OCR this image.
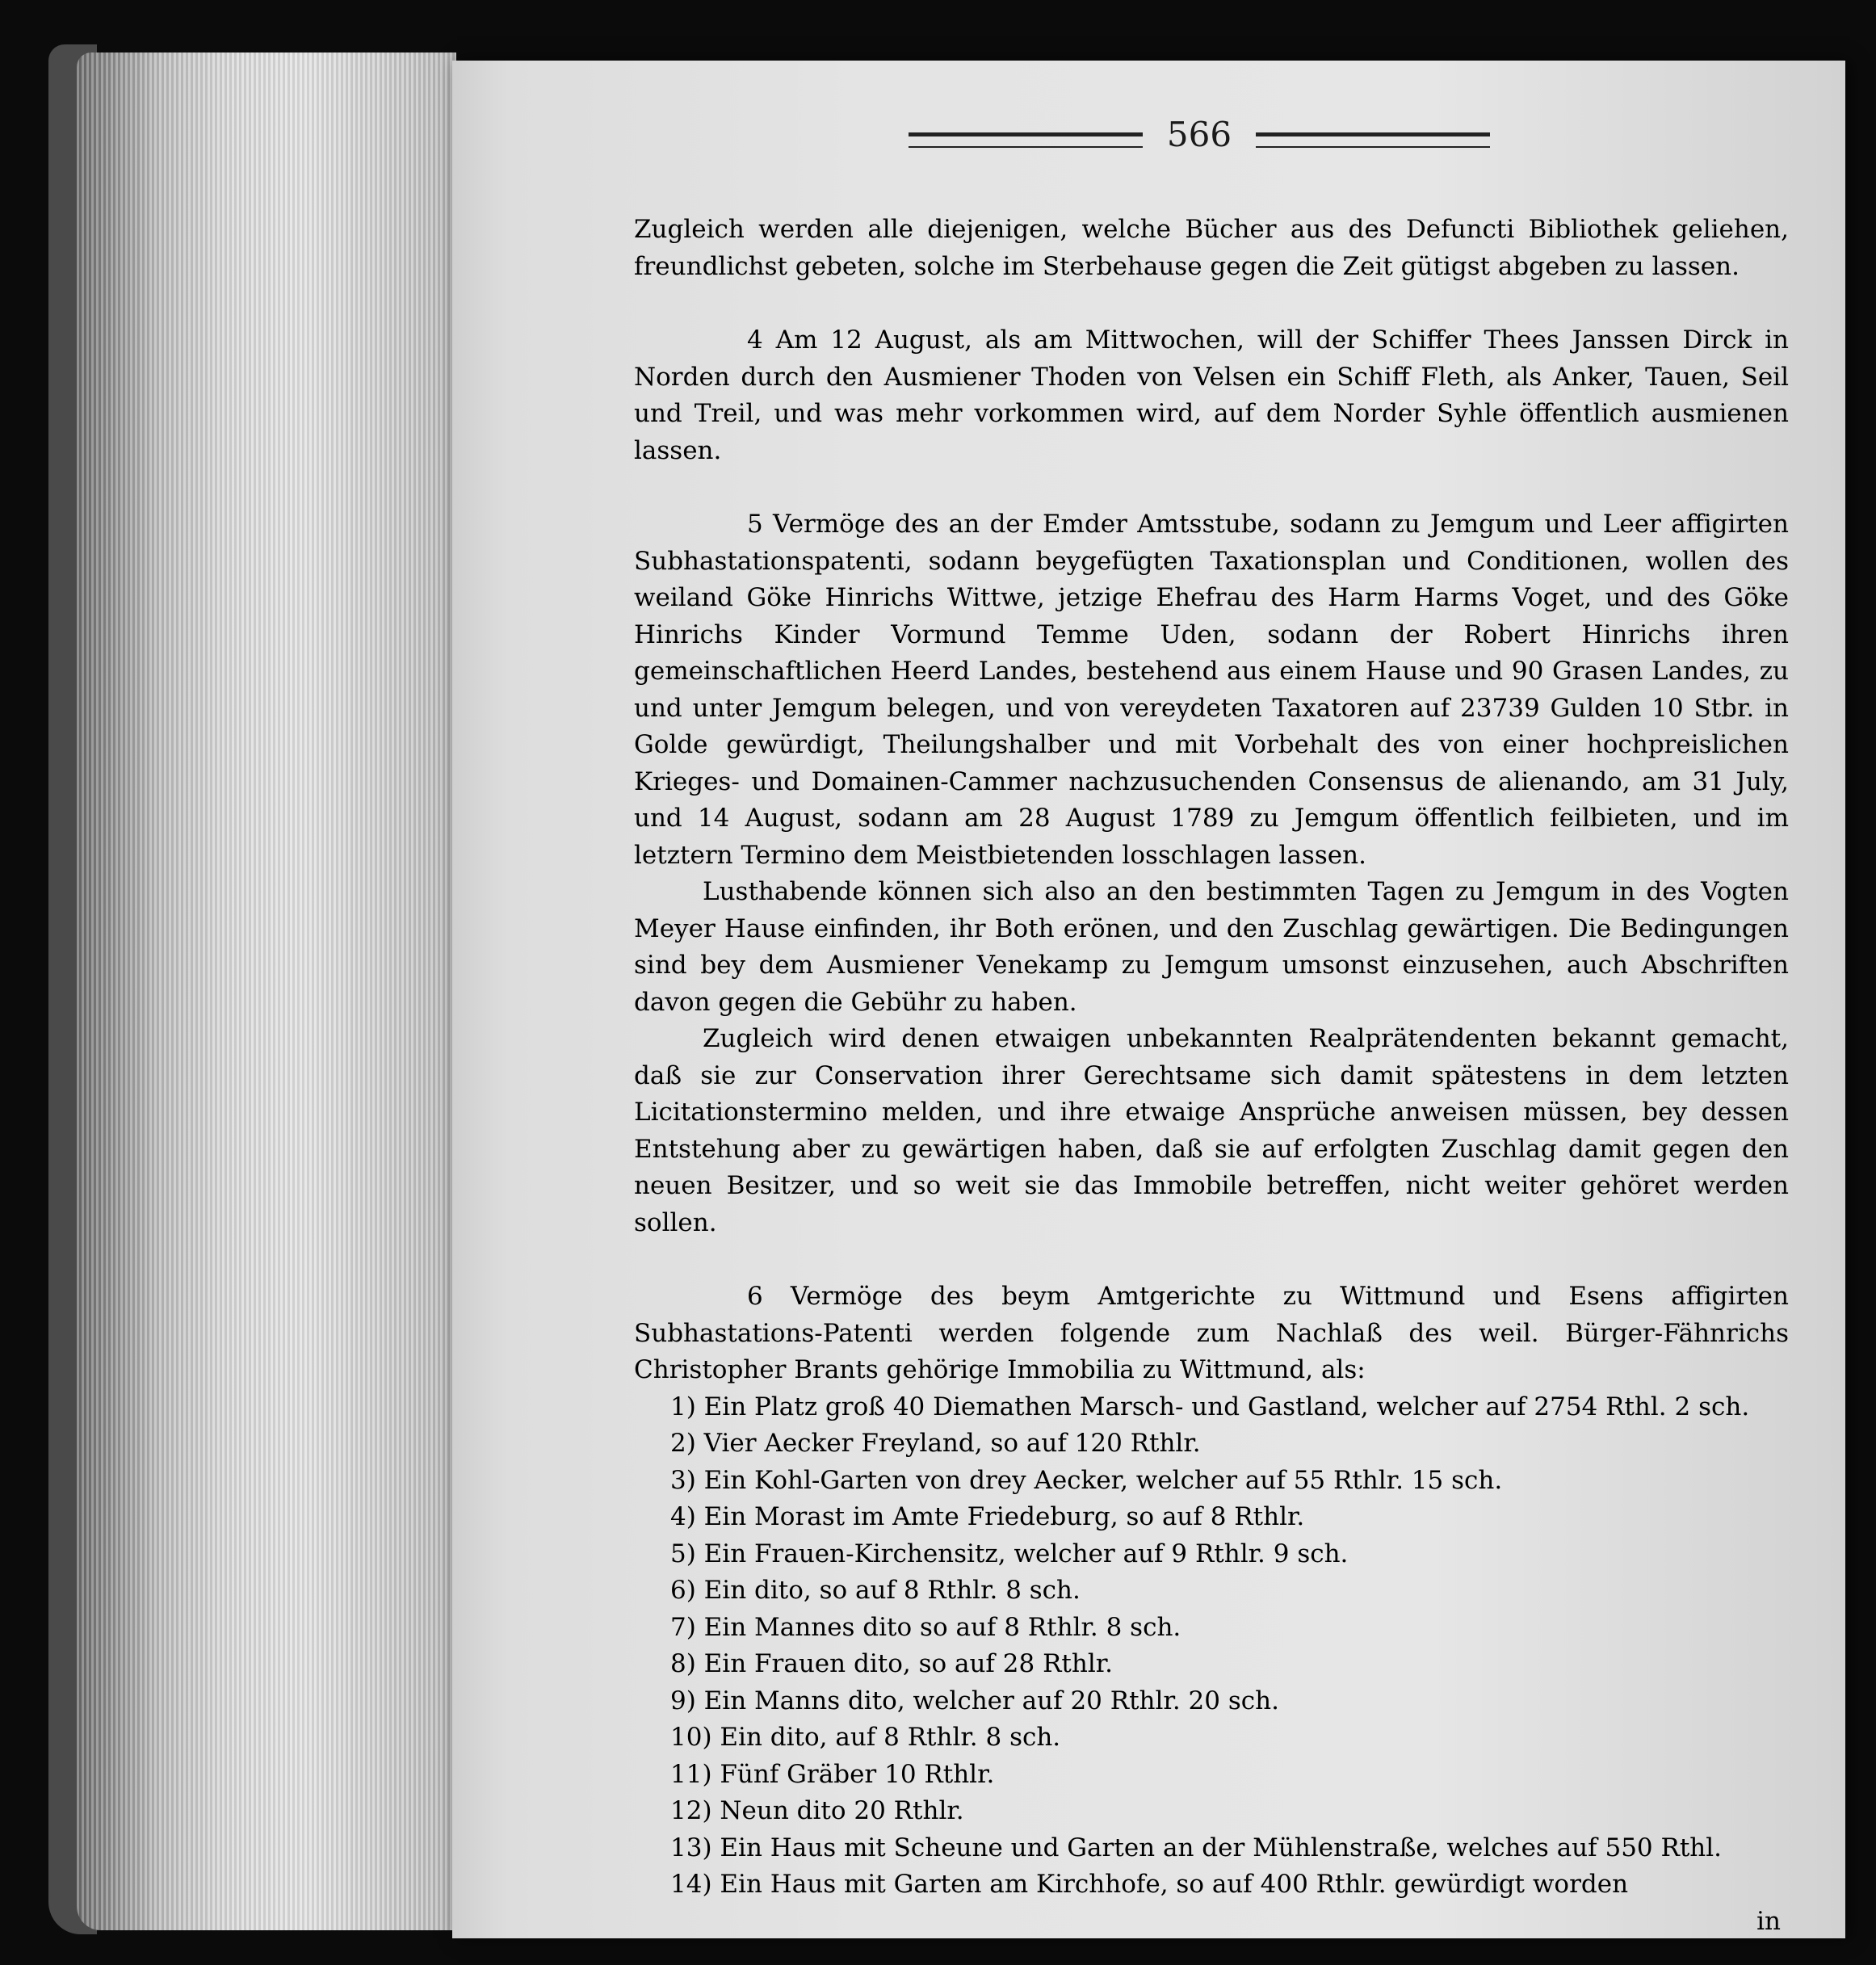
566

Zugleich werden alle diejenigen, welche Bücher aus des Defuncti Bibliothek geliehen, freundlichst gebeten, solche im Sterbehause gegen die Zeit gütigst abgeben zu lassen.

4 Am 12 August, als am Mittwochen, will der Schiffer Thees Janssen Dirck in Norden durch den Ausmiener Thoden von Velsen ein Schiff Fleth, als Anker, Tauen, Seil und Treil, und was mehr vorkommen wird, auf dem Norder Syhle öffentlich ausmienen lassen.

5 Vermöge des an der Emder Amtsstube, sodann zu Jemgum und Leer affigirten Subhastationspatenti, sodann beygefügten Taxationsplan und Conditionen, wollen des weiland Göke Hinrichs Wittwe, jetzige Ehefrau des Harm Harms Voget, und des Göke Hinrichs Kinder Vormund Temme Uden, sodann der Robert Hinrichs ihren gemeinschaftlichen Heerd Landes, bestehend aus einem Hause und 90 Grasen Landes, zu und unter Jemgum belegen, und von vereydeten Taxatoren auf 23739 Gulden 10 Stbr. in Golde gewürdigt, Theilungshalber und mit Vorbehalt des von einer hochpreislichen Krieges- und Domainen-Cammer nachzusuchenden Consensus de alienando, am 31 July, und 14 August, sodann am 28 August 1789 zu Jemgum öffentlich feilbieten, und im letztern Termino dem Meistbietenden losschlagen lassen.

Lusthabende können sich also an den bestimmten Tagen zu Jemgum in des Vogten Meyer Hause einfinden, ihr Both erönen, und den Zuschlag gewärtigen. Die Bedingungen sind bey dem Ausmiener Venekamp zu Jemgum umsonst einzusehen, auch Abschriften davon gegen die Gebühr zu haben.

Zugleich wird denen etwaigen unbekannten Realprätendenten bekannt gemacht, daß sie zur Conservation ihrer Gerechtsame sich damit spätestens in dem letzten Licitationstermino melden, und ihre etwaige Ansprüche anweisen müssen, bey dessen Entstehung aber zu gewärtigen haben, daß sie auf erfolgten Zuschlag damit gegen den neuen Besitzer, und so weit sie das Immobile betreffen, nicht weiter gehöret werden sollen.

6 Vermöge des beym Amtgerichte zu Wittmund und Esens affigirten Subhastations-Patenti werden folgende zum Nachlaß des weil. Bürger-Fähnrichs Christopher Brants gehörige Immobilia zu Wittmund, als:

1) Ein Platz groß 40 Diemathen Marsch- und Gastland, welcher auf 2754 Rthl. 2 sch.
2) Vier Aecker Freyland, so auf 120 Rthlr.
3) Ein Kohl-Garten von drey Aecker, welcher auf 55 Rthlr. 15 sch.
4) Ein Morast im Amte Friedeburg, so auf 8 Rthlr.
5) Ein Frauen-Kirchensitz, welcher auf 9 Rthlr. 9 sch.
6) Ein dito, so auf 8 Rthlr. 8 sch.
7) Ein Mannes dito so auf 8 Rthlr. 8 sch.
8) Ein Frauen dito, so auf 28 Rthlr.
9) Ein Manns dito, welcher auf 20 Rthlr. 20 sch.
10) Ein dito, auf 8 Rthlr. 8 sch.
11) Fünf Gräber 10 Rthlr.
12) Neun dito 20 Rthlr.
13) Ein Haus mit Scheune und Garten an der Mühlenstraße, welches auf 550 Rthl.
14) Ein Haus mit Garten am Kirchhofe, so auf 400 Rthlr. gewürdigt worden

in
